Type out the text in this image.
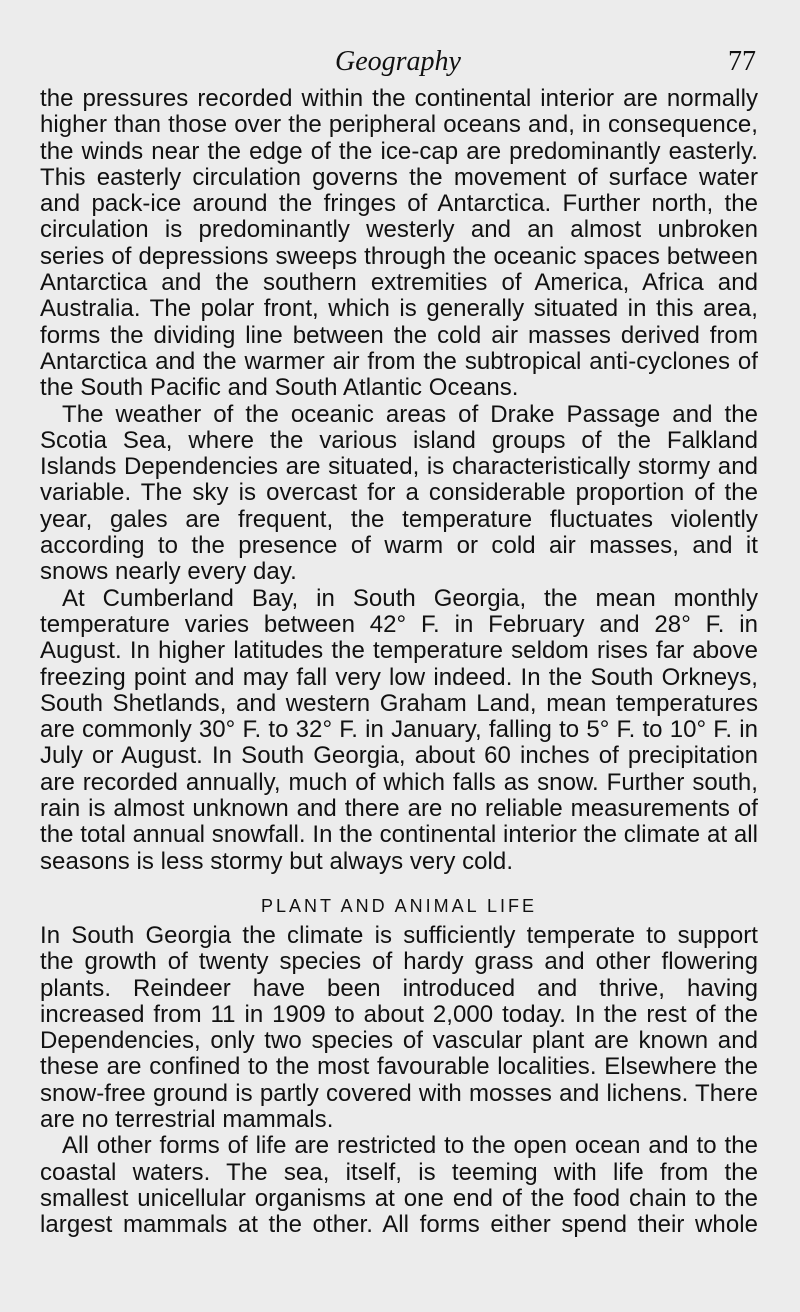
Geography	77

the pressures recorded within the continental interior are normally higher than those over the peripheral oceans and, in consequence, the winds near the edge of the ice-cap are predominantly easterly. This easterly circulation governs the movement of surface water and pack-ice around the fringes of Antarctica. Further north, the circulation is predominantly westerly and an almost unbroken series of depressions sweeps through the oceanic spaces between Antarctica and the southern extremities of America, Africa and Australia. The polar front, which is generally situated in this area, forms the dividing line between the cold air masses derived from Antarctica and the warmer air from the subtropical anti-cyclones of the South Pacific and South Atlantic Oceans.

The weather of the oceanic areas of Drake Passage and the Scotia Sea, where the various island groups of the Falkland Islands Dependencies are situated, is characteristically stormy and variable. The sky is overcast for a considerable proportion of the year, gales are frequent, the temperature fluctuates violently according to the presence of warm or cold air masses, and it snows nearly every day.

At Cumberland Bay, in South Georgia, the mean monthly temperature varies between 42° F. in February and 28° F. in August. In higher latitudes the temperature seldom rises far above freezing point and may fall very low indeed. In the South Orkneys, South Shetlands, and western Graham Land, mean temperatures are commonly 30° F. to 32° F. in January, falling to 5° F. to 10° F. in July or August. In South Georgia, about 60 inches of precipitation are recorded annually, much of which falls as snow. Further south, rain is almost unknown and there are no reliable measurements of the total annual snowfall. In the continental interior the climate at all seasons is less stormy but always very cold.

PLANT AND ANIMAL LIFE

In South Georgia the climate is sufficiently temperate to support the growth of twenty species of hardy grass and other flowering plants. Reindeer have been introduced and thrive, having increased from 11 in 1909 to about 2,000 today. In the rest of the Dependencies, only two species of vascular plant are known and these are confined to the most favourable localities. Elsewhere the snow-free ground is partly covered with mosses and lichens. There are no terrestrial mammals.

All other forms of life are restricted to the open ocean and to the coastal waters. The sea, itself, is teeming with life from the smallest unicellular organisms at one end of the food chain to the largest mammals at the other. All forms either spend their whole
